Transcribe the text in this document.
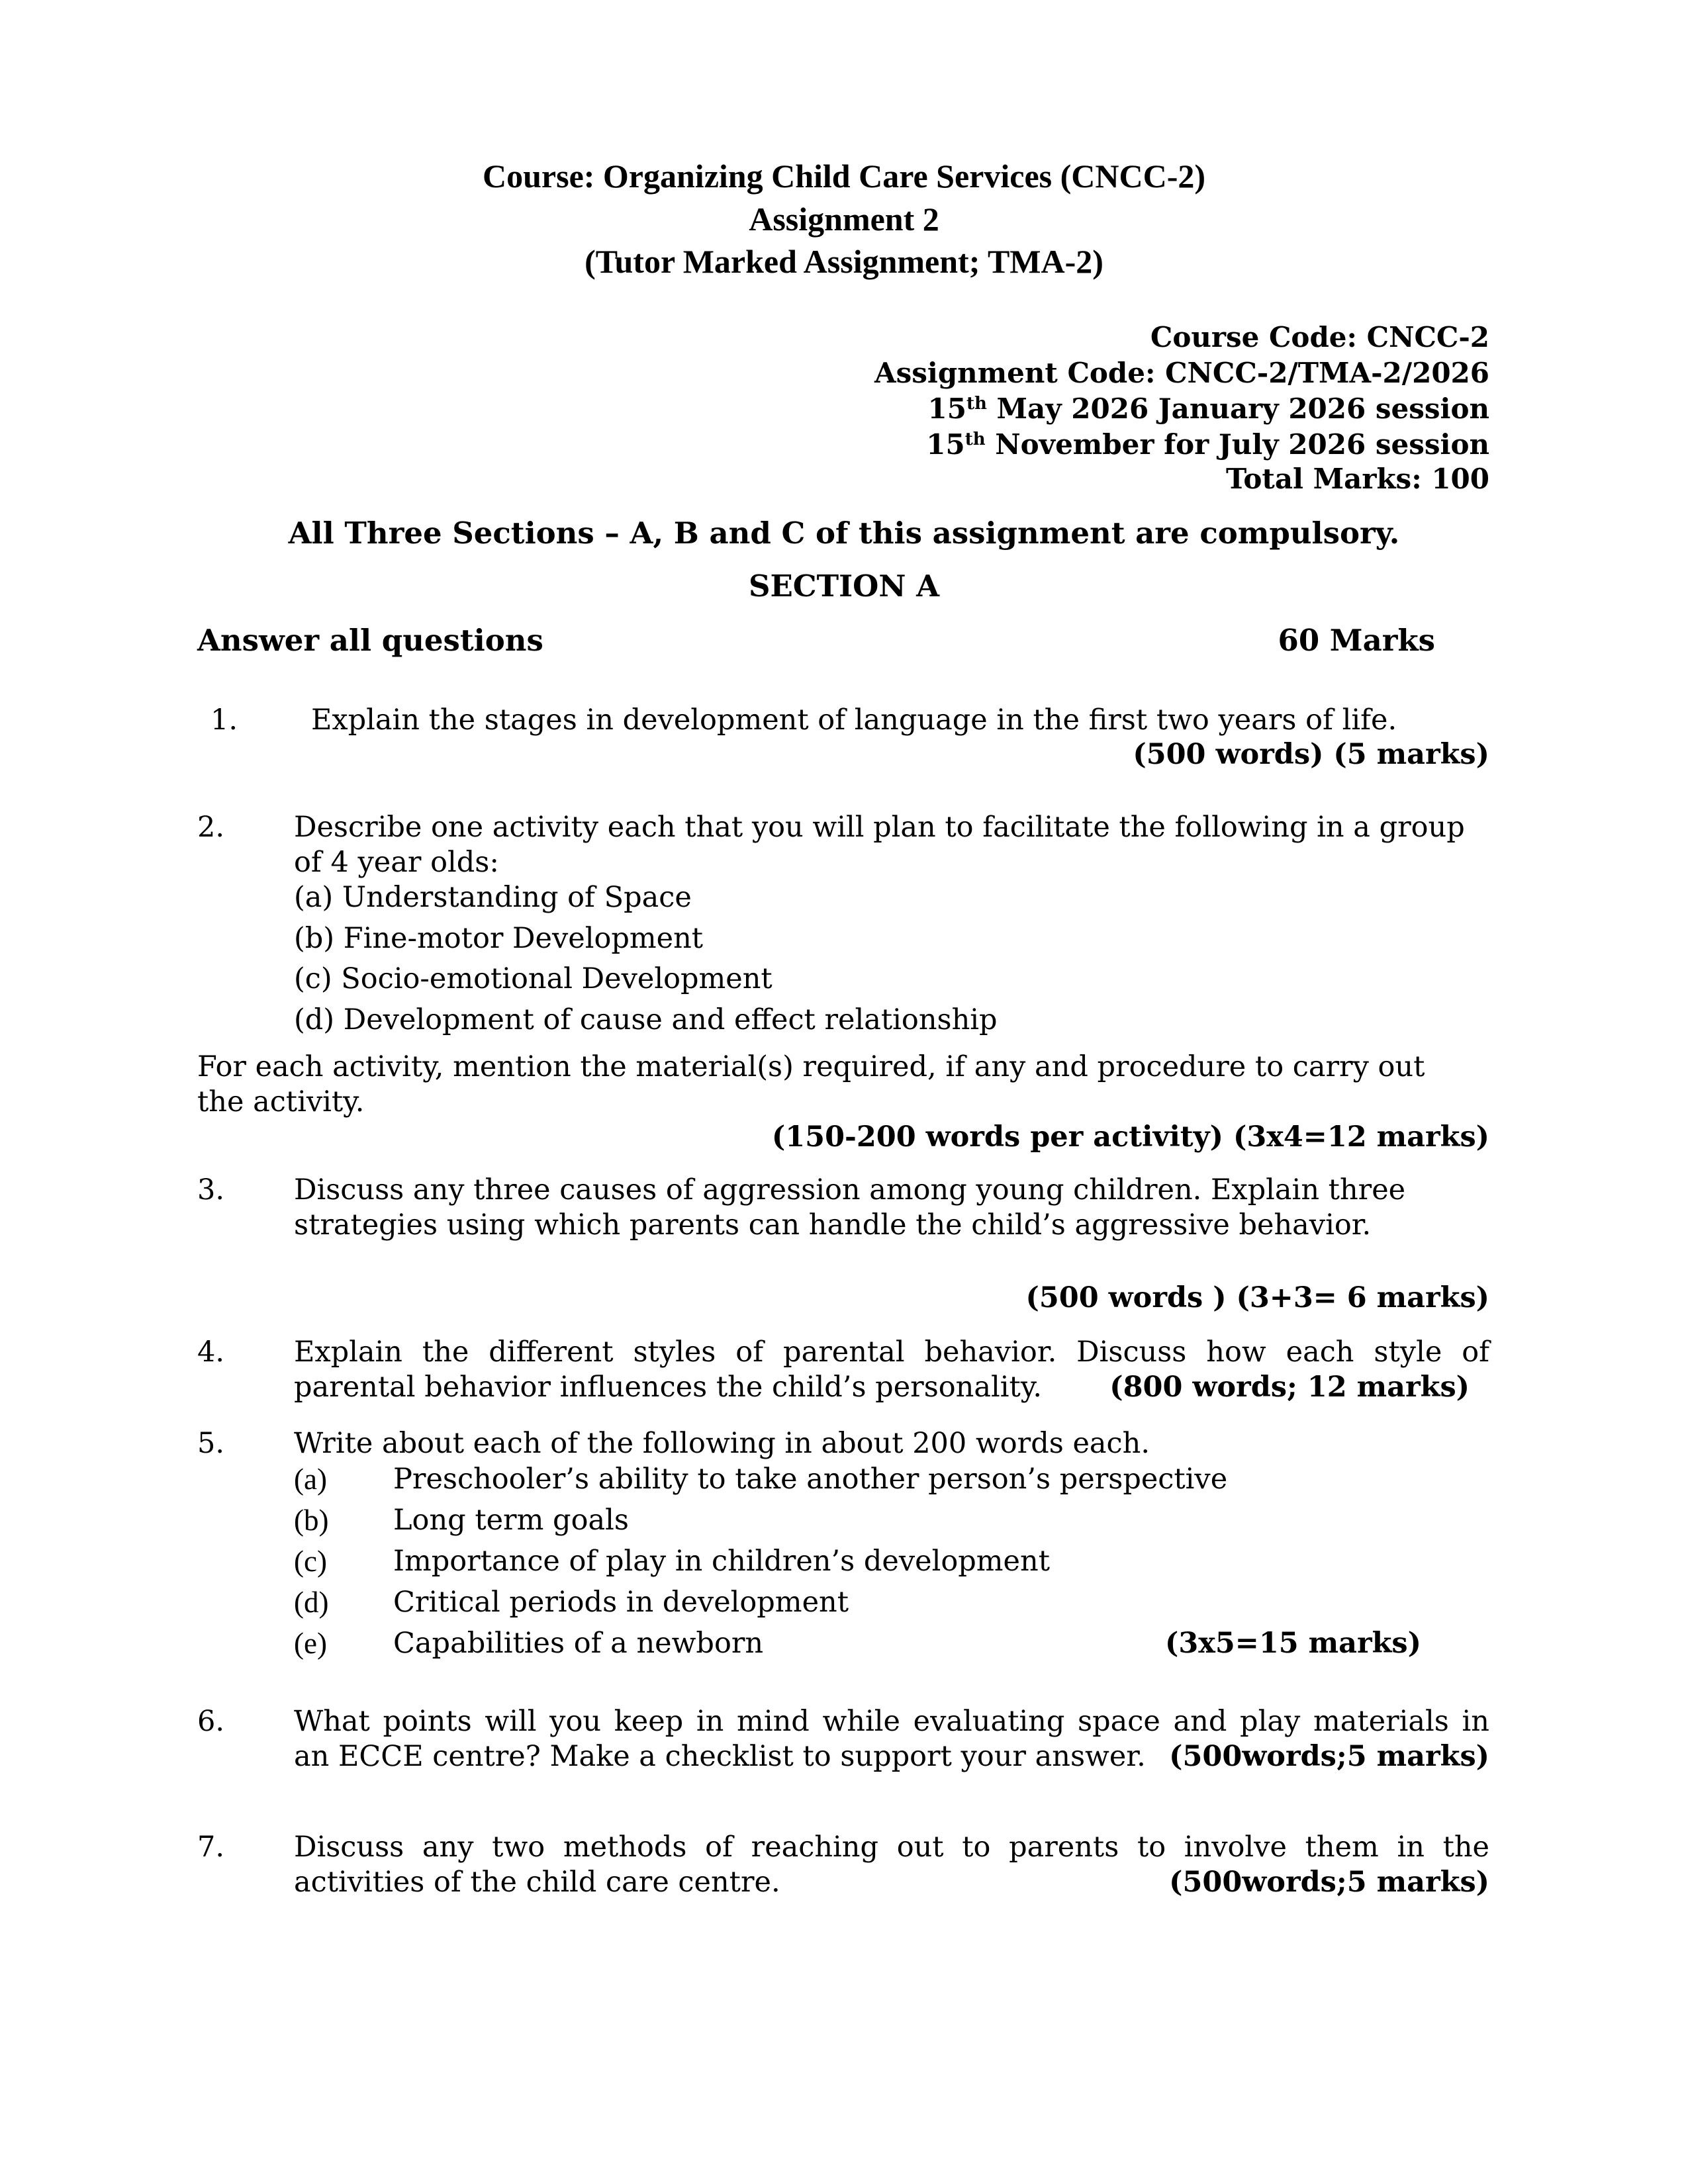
Course: Organizing Child Care Services (CNCC-2)
Assignment 2
(Tutor Marked Assignment; TMA-2)
Course Code: CNCC-2
Assignment Code: CNCC-2/TMA-2/2026
15th May 2026 January 2026 session
15th November for July 2026 session
Total Marks: 100
All Three Sections – A, B and C of this assignment are compulsory.
SECTION A
Answer all questions	60 Marks
1.	Explain the stages in development of language in the first two years of life.
(500 words) (5 marks)
2. Describe one activity each that you will plan to facilitate the following in a group
of 4 year olds:
(a) Understanding of Space
(b) Fine-motor Development
(c) Socio-emotional Development
(d) Development of cause and effect relationship
For each activity, mention the material(s) required, if any and procedure to carry out
the activity.
(150-200 words per activity) (3x4=12 marks)
3. Discuss any three causes of aggression among young children. Explain three
strategies using which parents can handle the child’s aggressive behavior.
(500 words ) (3+3= 6 marks)
4. Explain the different styles of parental behavior. Discuss how each style of
parental behavior influences the child’s personality. (800 words; 12 marks)
5. Write about each of the following in about 200 words each.
(a) Preschooler’s ability to take another person’s perspective
(b) Long term goals
(c) Importance of play in children’s development
(d) Critical periods in development
(e) Capabilities of a newborn	(3x5=15 marks)
6. What points will you keep in mind while evaluating space and play materials in
an ECCE centre? Make a checklist to support your answer. (500words;5 marks)
7. Discuss any two methods of reaching out to parents to involve them in the
activities of the child care centre.	(500words;5 marks)
